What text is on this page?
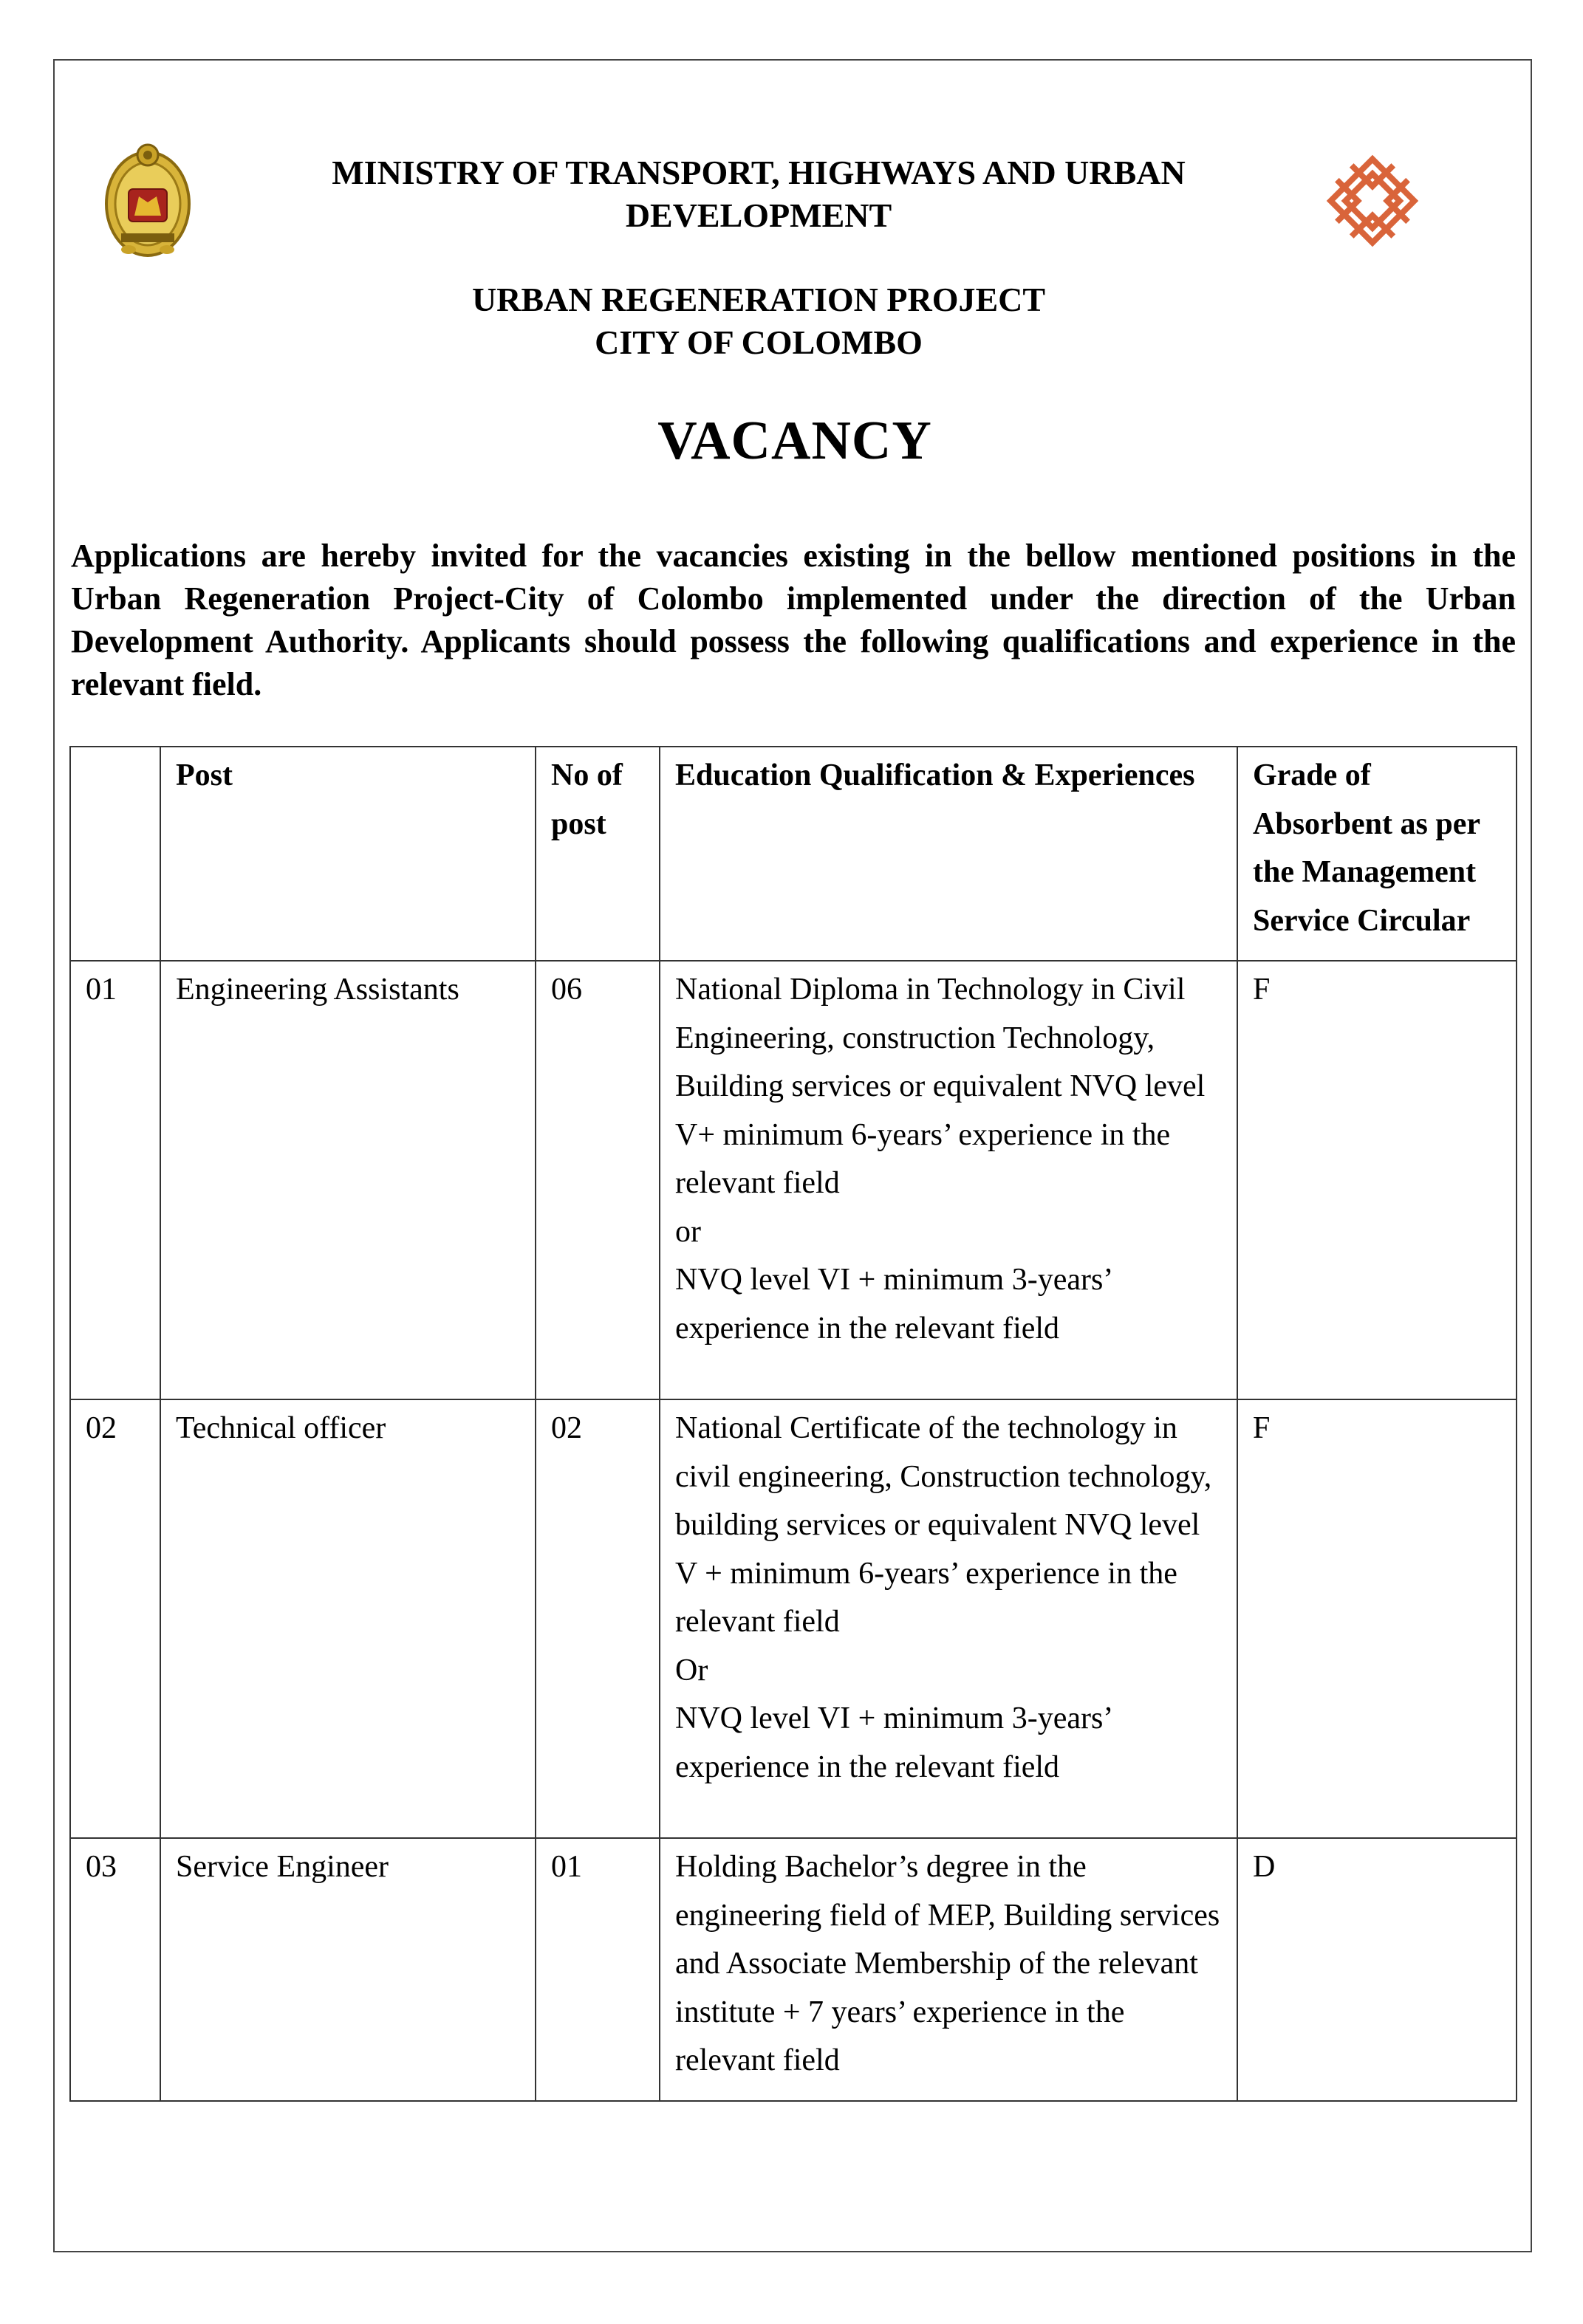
MINISTRY OF TRANSPORT, HIGHWAYS AND URBAN
DEVELOPMENT
URBAN REGENERATION PROJECT
CITY OF COLOMBO
VACANCY
Applications are hereby invited for the vacancies existing in the bellow mentioned positions in the Urban Regeneration Project-City of Colombo implemented under the direction of the Urban Development Authority. Applicants should possess the following qualifications and experience in the relevant field.
	Post	No of post	Education Qualification & Experiences	Grade of Absorbent as per the Management Service Circular
01	Engineering Assistants	06	National Diploma in Technology in Civil Engineering, construction Technology, Building services or equivalent NVQ level V+ minimum 6-years’ experience in the relevant field
or
NVQ level VI + minimum 3-years’ experience in the relevant field	F
02	Technical officer	02	National Certificate of the technology in civil engineering, Construction technology, building services or equivalent NVQ level V + minimum 6-years’ experience in the relevant field
Or
NVQ level VI + minimum 3-years’ experience in the relevant field	F
03	Service Engineer	01	Holding Bachelor’s degree in the engineering field of MEP, Building services and Associate Membership of the relevant institute + 7 years’ experience in the relevant field	D
